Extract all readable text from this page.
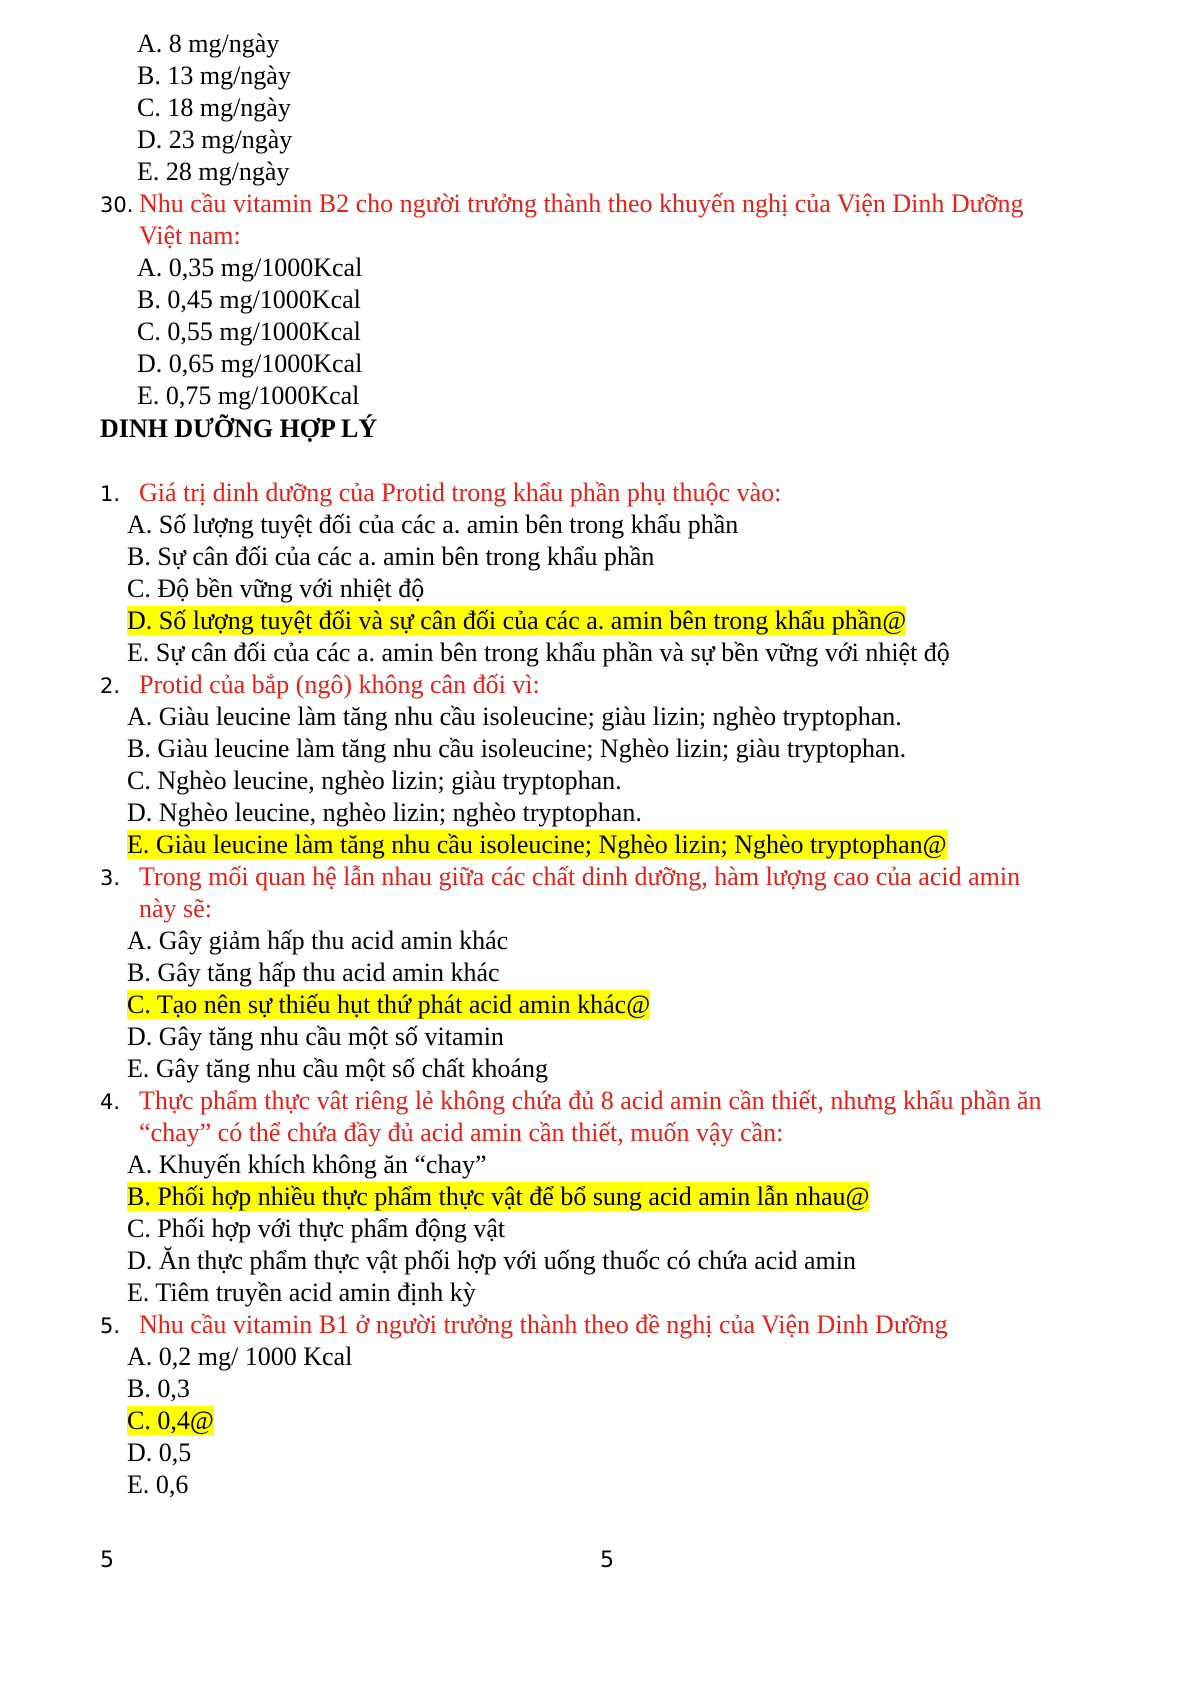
A. 8 mg/ngày
B. 13 mg/ngày
C. 18 mg/ngày
D. 23 mg/ngày
E. 28 mg/ngày
30. Nhu cầu vitamin B2 cho người trưởng thành theo khuyến nghị của Viện Dinh Dưỡng
Việt nam:
A. 0,35 mg/1000Kcal
B. 0,45 mg/1000Kcal
C. 0,55 mg/1000Kcal
D. 0,65 mg/1000Kcal
E. 0,75 mg/1000Kcal
DINH DƯỠNG HỢP LÝ
1. Giá trị dinh dưỡng của Protid trong khẩu phần phụ thuộc vào:
A. Số lượng tuyệt đối của các a. amin bên trong khẩu phần
B. Sự cân đối của các a. amin bên trong khẩu phần
C. Độ bền vững với nhiệt độ
D. Số lượng tuyệt đối và sự cân đối của các a. amin bên trong khẩu phần@
E. Sự cân đối của các a. amin bên trong khẩu phần và sự bền vững với nhiệt độ
2. Protid của bắp (ngô) không cân đối vì:
A. Giàu leucine làm tăng nhu cầu isoleucine; giàu lizin; nghèo tryptophan.
B. Giàu leucine làm tăng nhu cầu isoleucine; Nghèo lizin; giàu tryptophan.
C. Nghèo leucine, nghèo lizin; giàu tryptophan.
D. Nghèo leucine, nghèo lizin; nghèo tryptophan.
E. Giàu leucine làm tăng nhu cầu isoleucine; Nghèo lizin; Nghèo tryptophan@
3. Trong mối quan hệ lẫn nhau giữa các chất dinh dưỡng, hàm lượng cao của acid amin
này sẽ:
A. Gây giảm hấp thu acid amin khác
B. Gây tăng hấp thu acid amin khác
C. Tạo nên sự thiếu hụt thứ phát acid amin khác@
D. Gây tăng nhu cầu một số vitamin
E. Gây tăng nhu cầu một số chất khoáng
4. Thực phẩm thực vât riêng lẻ không chứa đủ 8 acid amin cần thiết, nhưng khẩu phần ăn
“chay” có thể chứa đầy đủ acid amin cần thiết, muốn vậy cần:
A. Khuyến khích không ăn “chay”
B. Phối hợp nhiều thực phẩm thực vật để bổ sung acid amin lẫn nhau@
C. Phối hợp với thực phẩm động vật
D. Ăn thực phẩm thực vật phối hợp với uống thuốc có chứa acid amin
E. Tiêm truyền acid amin định kỳ
5. Nhu cầu vitamin B1 ở người trưởng thành theo đề nghị của Viện Dinh Dưỡng
A. 0,2 mg/ 1000 Kcal
B. 0,3
C. 0,4@
D. 0,5
E. 0,6
5	5
